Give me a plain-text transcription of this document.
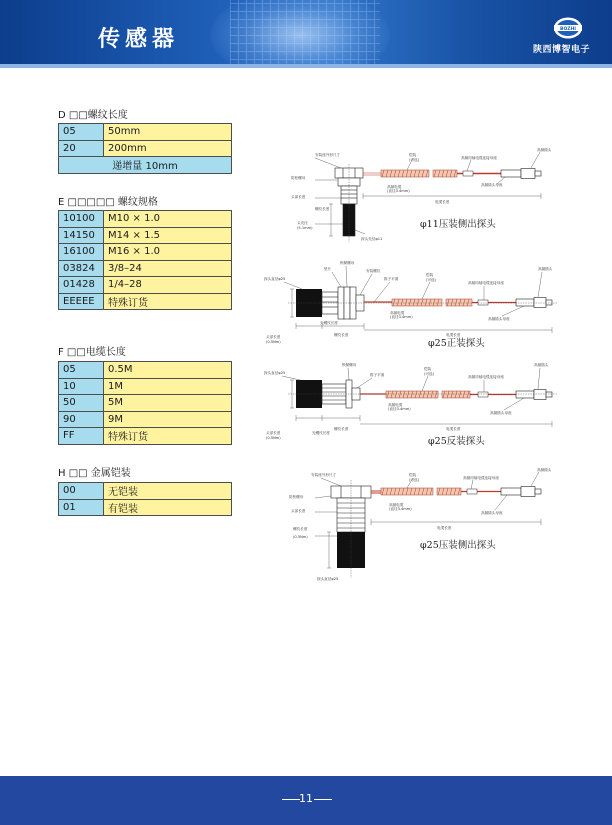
传感器	BOZHI
陕西博智电子
D □□螺纹长度
05	50mm
20	200mm
递增量 10mm	
E □□□□□ 螺纹规格
10100	M10 × 1.0
14150	M14 × 1.5
16100	M16 × 1.0
03824	3/8–24
01428	1/4–28
EEEEE	特殊订货
F □□电缆长度
05	0.5M
10	1M
50	5M
90	9M
FF	特殊订货
H □□ 金属铠装
00	无铠装
01	有铠装
安装座外形尺寸
防松螺母
铠装
(可选)
高频电缆
(直径3.4mm)
高频插头
高频插头母座
高频同轴电缆连接母座
头部长度
头壳径
(5.1mm)
探头壳径φ11
电缆长度
螺纹长度
φ11压装侧出探头
探头直径φ25
垫片
锁紧螺母
安装螺纹
推子平面
铠装
(可选)
高频电缆
(直径3.4mm)
高频插头
高频同轴电缆连接母座
高频插头母座
头部长度
(0.5Nm)
光螺纹长度
螺纹长度	电缆长度
φ25正装探头
探头直径φ25
锁紧螺母
推子平面
铠装
(可选)
高频电缆
(直径3.4mm)
高频插头
高频同轴电缆连接母座
高频插头母座
头部长度
(0.5Nm)
光螺纹长度
螺纹长度	电缆长度
φ25反装探头
安装座外形尺寸
防松螺母
铠装
(可选)
高频电缆
(直径3.4mm)
高频插头
高频同轴电缆连接母座
高频插头母座
头部长度
(0.5Nm)
探头直径φ25
螺纹长度	电缆长度
φ25压装侧出探头
11
